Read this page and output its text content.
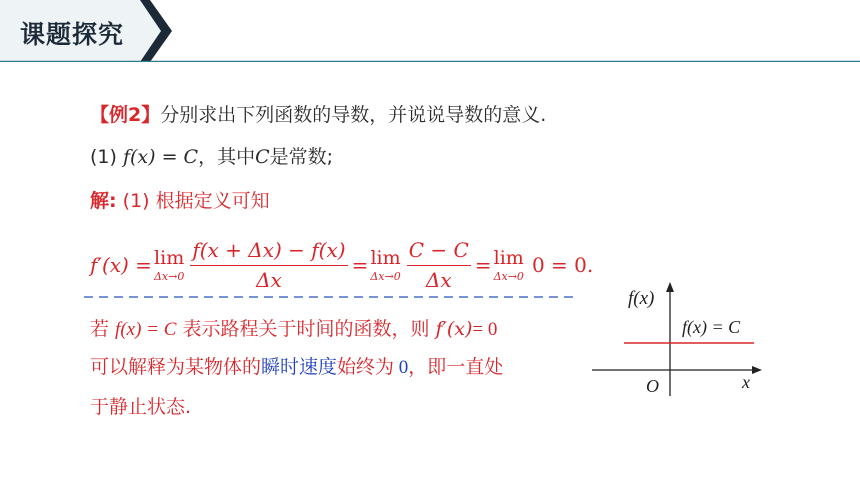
课题探究
【例2】分别求出下列函数的导数，并说说导数的意义.
(1) f(x) = C，其中C是常数;
解: (1) 根据定义可知
f′(x) = lim
$\Delta x\to 0 \frac{f(x + \Delta x) - f(x)}{\Delta x} = \lim$
$\Delta x\to 0 \frac{C - C}{\Delta x} = \lim$
Δx→0 0 = 0.
若 f(x) = C 表示路程关于时间的函数，则 f′(x)= 0
可以解释为某物体的瞬时速度始终为 0，即一直处
于静止状态.
f(x)
f(x) = C
O	x
